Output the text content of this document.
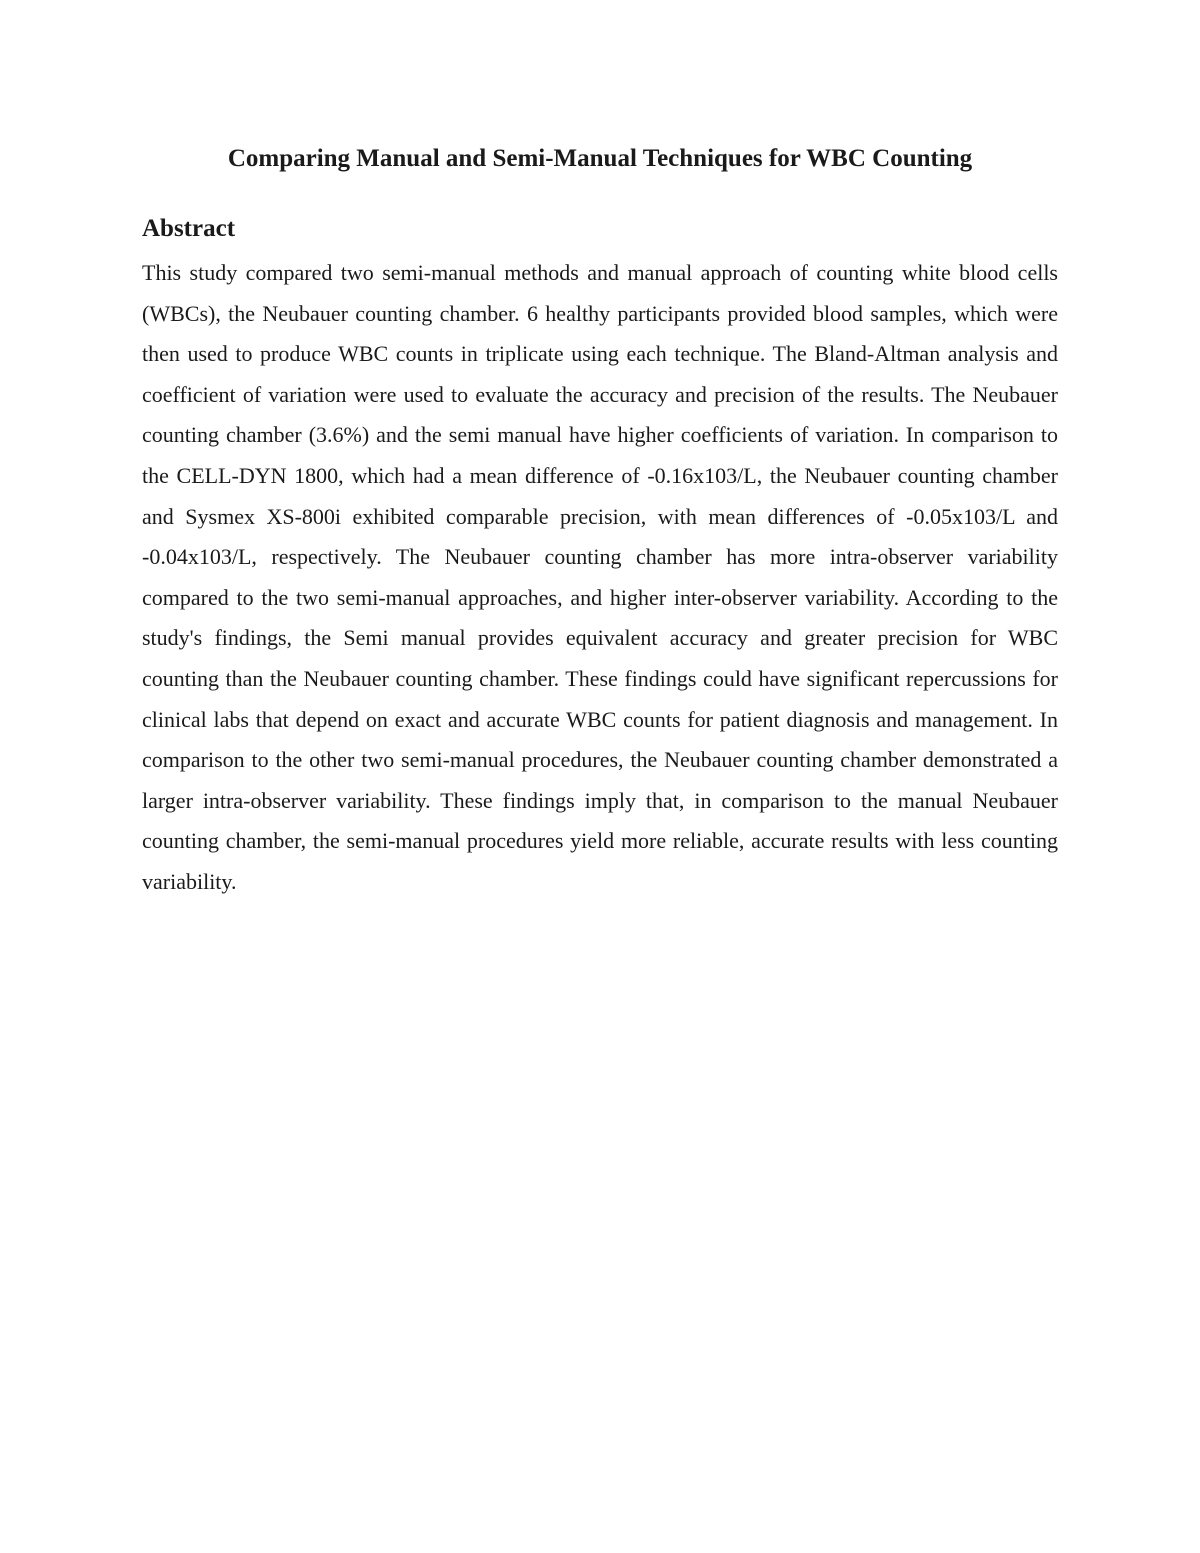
Comparing Manual and Semi-Manual Techniques for WBC Counting
Abstract

This study compared two semi-manual methods and manual approach of counting white blood cells (WBCs), the Neubauer counting chamber. 6 healthy participants provided blood samples, which were then used to produce WBC counts in triplicate using each technique. The Bland-Altman analysis and coefficient of variation were used to evaluate the accuracy and precision of the results. The Neubauer counting chamber (3.6%) and the semi manual have higher coefficients of variation. In comparison to the CELL-DYN 1800, which had a mean difference of -0.16x103/L, the Neubauer counting chamber and Sysmex XS-800i exhibited comparable precision, with mean differences of -0.05x103/L and -0.04x103/L, respectively. The Neubauer counting chamber has more intra-observer variability compared to the two semi-manual approaches, and higher inter-observer variability. According to the study's findings, the Semi manual provides equivalent accuracy and greater precision for WBC counting than the Neubauer counting chamber. These findings could have significant repercussions for clinical labs that depend on exact and accurate WBC counts for patient diagnosis and management. In comparison to the other two semi-manual procedures, the Neubauer counting chamber demonstrated a larger intra-observer variability. These findings imply that, in comparison to the manual Neubauer counting chamber, the semi-manual procedures yield more reliable, accurate results with less counting variability.
